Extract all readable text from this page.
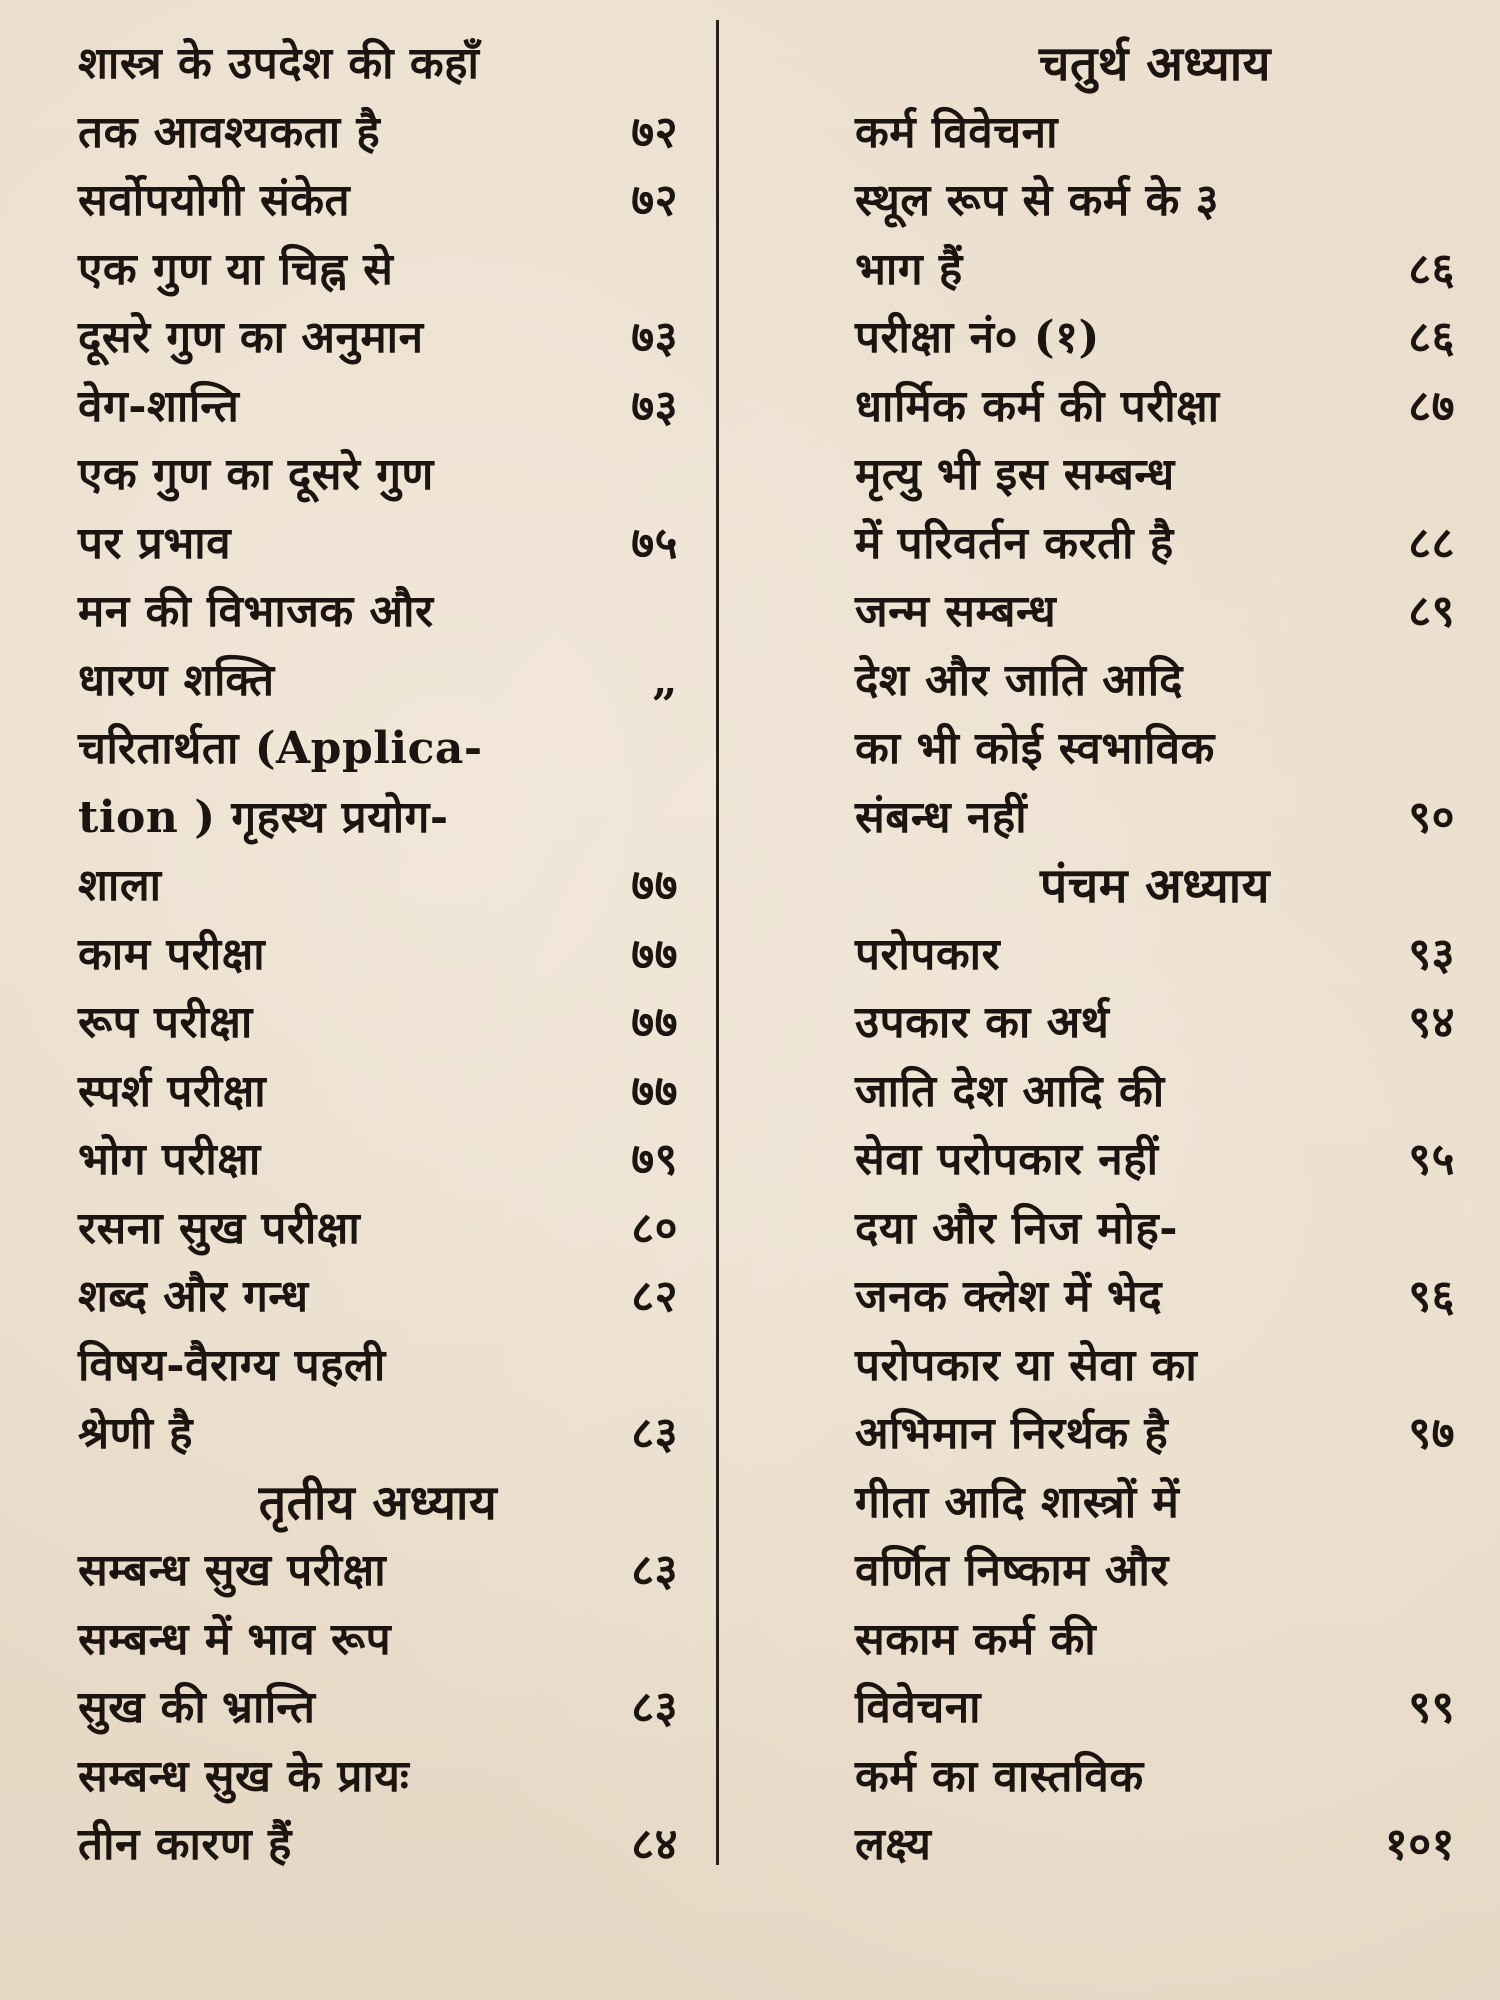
शास्त्र के उपदेश की कहाँ
तक आवश्यकता है	७२
सर्वोपयोगी संकेत	७२
एक गुण या चिह्न से
दूसरे गुण का अनुमान	७३
वेग-शान्ति	७३
एक गुण का दूसरे गुण
पर प्रभाव	७५
मन की विभाजक और
धारण शक्ति	„
चरितार्थता (Applica-
tion ) गृहस्थ प्रयोग-
शाला	७७
काम परीक्षा	७७
रूप परीक्षा	७७
स्पर्श परीक्षा	७७
भोग परीक्षा	७९
रसना सुख परीक्षा	८०
शब्द और गन्ध	८२
विषय-वैराग्य पहली
श्रेणी है	८३
तृतीय अध्याय
सम्बन्ध सुख परीक्षा	८३
सम्बन्ध में भाव रूप
सुख की भ्रान्ति	८३
सम्बन्ध सुख के प्रायः
तीन कारण हैं	८४
चतुर्थ अध्याय
कर्म विवेचना
स्थूल रूप से कर्म के ३
भाग हैं	८६
परीक्षा नं० (१)	८६
धार्मिक कर्म की परीक्षा	८७
मृत्यु भी इस सम्बन्ध
में परिवर्तन करती है	८८
जन्म सम्बन्ध	८९
देश और जाति आदि
का भी कोई स्वभाविक
संबन्ध नहीं	९०
पंचम अध्याय
परोपकार	९३
उपकार का अर्थ	९४
जाति देश आदि की
सेवा परोपकार नहीं	९५
दया और निज मोह-
जनक क्लेश में भेद	९६
परोपकार या सेवा का
अभिमान निरर्थक है	९७
गीता आदि शास्त्रों में
वर्णित निष्काम और
सकाम कर्म की
विवेचना	९९
कर्म का वास्तविक
लक्ष्य	१०१
